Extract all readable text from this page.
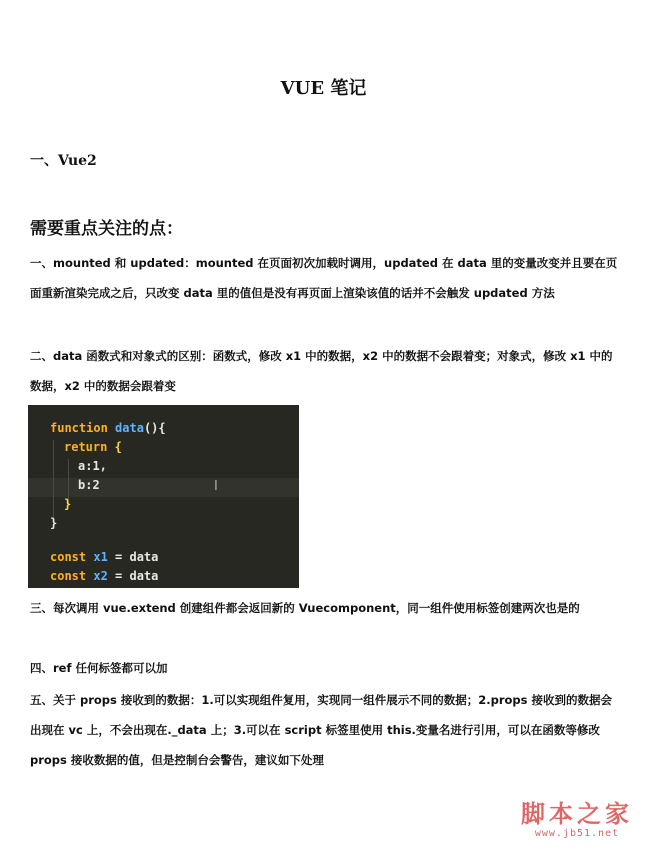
VUE 笔记
一、Vue2
需要重点关注的点：
一、mounted 和 updated：mounted 在页面初次加载时调用，updated 在 data 里的变量改变并且要在页面重新渲染完成之后，只改变 data 里的值但是没有再页面上渲染该值的话并不会触发 updated 方法
二、data 函数式和对象式的区别：函数式，修改 x1 中的数据，x2 中的数据不会跟着变；对象式，修改 x1 中的数据，x2 中的数据会跟着变
function data(){
return {
a:1,
b:2
}
}
const x1 = data
const x2 = data
I
三、每次调用 vue.extend 创建组件都会返回新的 Vuecomponent，同一组件使用标签创建两次也是的
四、ref 任何标签都可以加
五、关于 props 接收到的数据：1.可以实现组件复用，实现同一组件展示不同的数据；2.props 接收到的数据会出现在 vc 上，不会出现在._data 上；3.可以在 script 标签里使用 this.变量名进行引用，可以在函数等修改 props 接收数据的值，但是控制台会警告，建议如下处理
脚本之家
www.jb51.net
